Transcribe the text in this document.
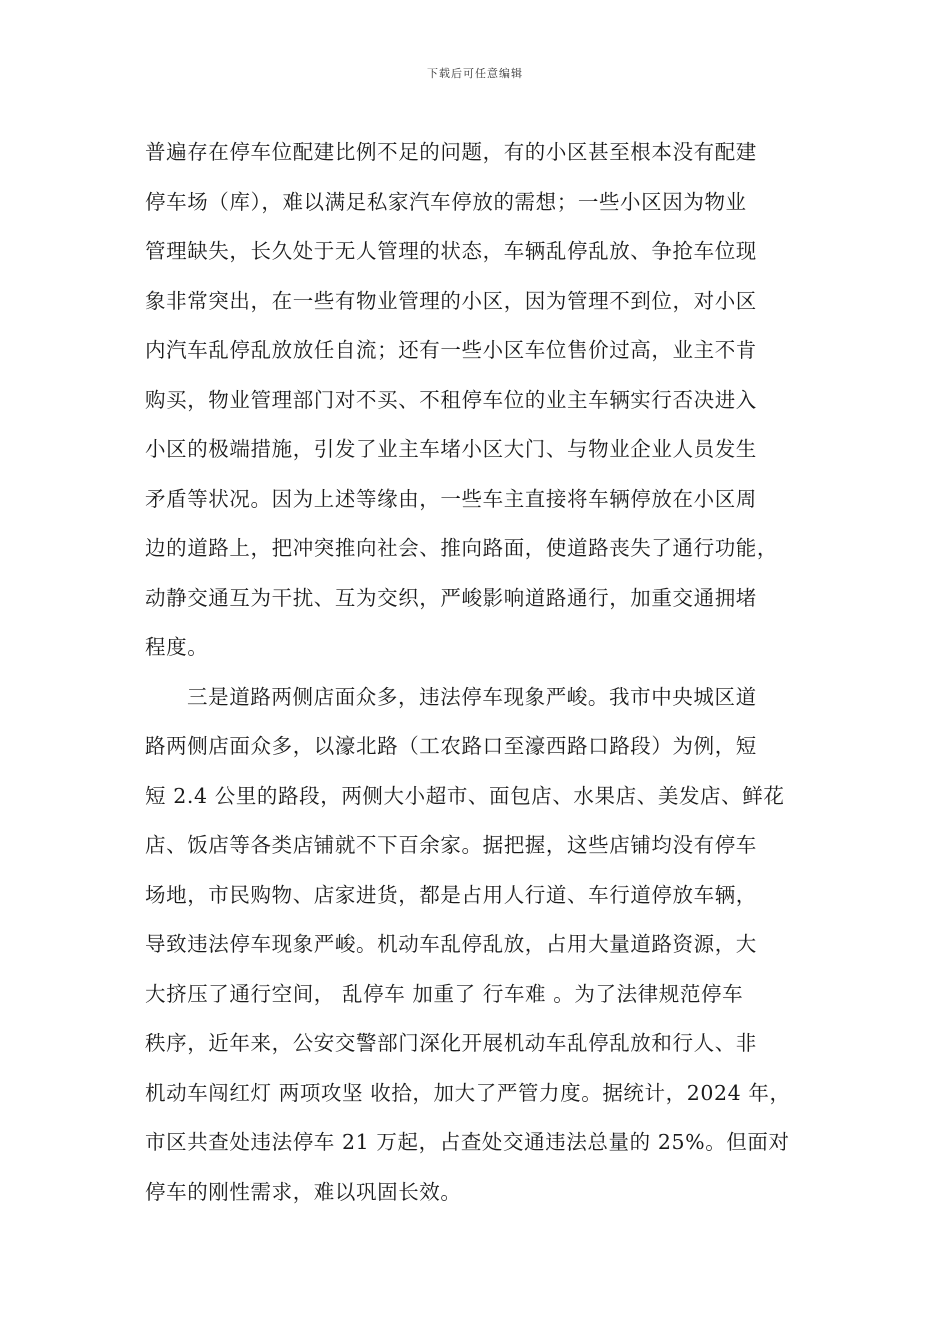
下载后可任意编辑
普遍存在停车位配建比例不足的问题，有的小区甚至根本没有配建
停车场（库），难以满足私家汽车停放的需想；一些小区因为物业
管理缺失，长久处于无人管理的状态，车辆乱停乱放、争抢车位现
象非常突出，在一些有物业管理的小区，因为管理不到位，对小区
内汽车乱停乱放放任自流；还有一些小区车位售价过高，业主不肯
购买，物业管理部门对不买、不租停车位的业主车辆实行否决进入
小区的极端措施，引发了业主车堵小区大门、与物业企业人员发生
矛盾等状况。因为上述等缘由，一些车主直接将车辆停放在小区周
边的道路上，把冲突推向社会、推向路面，使道路丧失了通行功能，
动静交通互为干扰、互为交织，严峻影响道路通行，加重交通拥堵
程度。
三是道路两侧店面众多，违法停车现象严峻。我市中央城区道
路两侧店面众多，以濠北路（工农路口至濠西路口路段）为例，短
短 2.4 公里的路段，两侧大小超市、面包店、水果店、美发店、鲜花
店、饭店等各类店铺就不下百余家。据把握，这些店铺均没有停车
场地，市民购物、店家进货，都是占用人行道、车行道停放车辆，
导致违法停车现象严峻。机动车乱停乱放，占用大量道路资源，大
大挤压了通行空间， 乱停车 加重了 行车难 。为了法律规范停车
秩序，近年来，公安交警部门深化开展机动车乱停乱放和行人、非
机动车闯红灯 两项攻坚 收拾，加大了严管力度。据统计，2024 年，
市区共查处违法停车 21 万起，占查处交通违法总量的 25%。但面对
停车的刚性需求，难以巩固长效。
